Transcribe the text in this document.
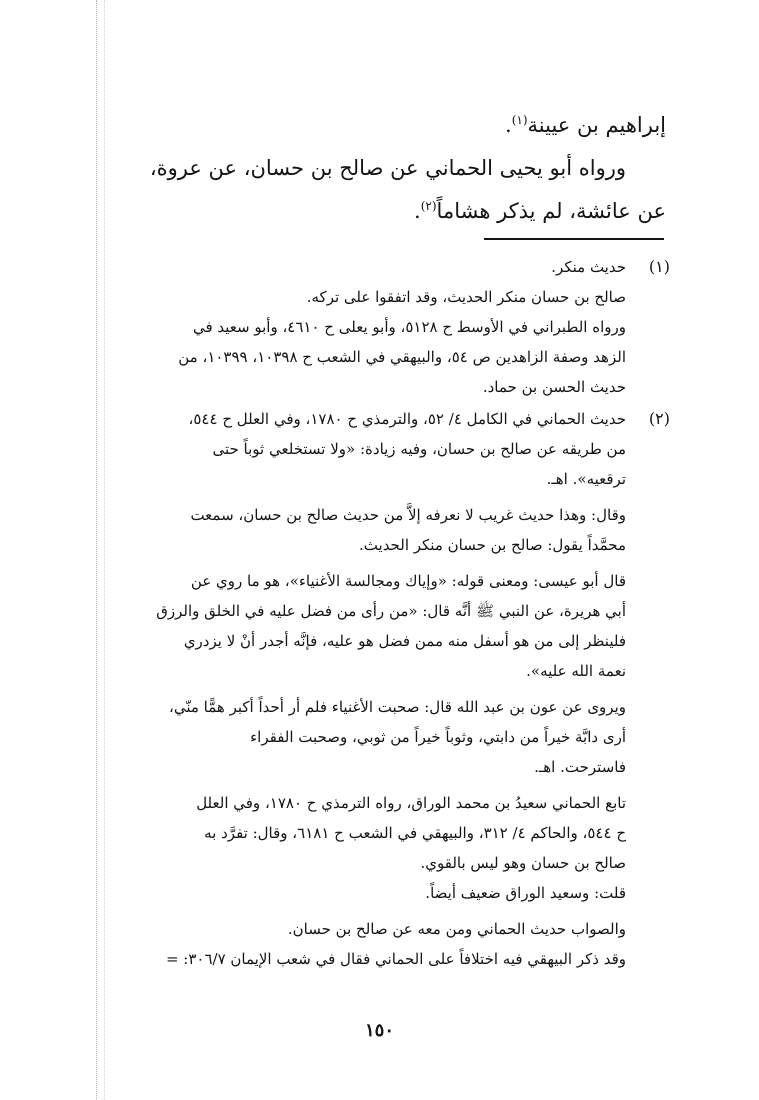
إبراهيم بن عيينة$^{(١)}$.

ورواه أبو يحيى الحماني عن صالح بن حسان، عن عروة،

عن عائشة، لم يذكر هشاماً$^{(٢)}$.

(١)

حديث منكر.

صالح بن حسان منكر الحديث، وقد اتفقوا على تركه.

ورواه الطبراني في الأوسط ح ٥١٢٨، وأبو يعلى ح ٤٦١٠، وأبو سعيد في

الزهد وصفة الزاهدين ص ٥٤، والبيهقي في الشعب ح ١٠٣٩٨، ١٠٣٩٩، من

حديث الحسن بن حماد.

(٢)

حديث الحماني في الكامل ٤/ ٥٢، والترمذي ح ١٧٨٠، وفي العلل ح ٥٤٤،

من طريقه عن صالح بن حسان، وفيه زيادة: «ولا تستخلعي ثوباً حتى

ترقعيه». اهـ.

وقال: وهذا حديث غريب لا نعرفه إلاَّ من حديث صالح بن حسان، سمعت

محمَّداً يقول: صالح بن حسان منكر الحديث.

قال أبو عيسى: ومعنى قوله: «وإياك ومجالسة الأغنياء»، هو ما روي عن

أبي هريرة، عن النبي ﷺ أنَّه قال: «من رأى من فضل عليه في الخلق والرزق

فلينظر إلى من هو أسفل منه ممن فضل هو عليه، فإنَّه أجدر أنْ لا يزدري

نعمة الله عليه».

ويروى عن عون بن عبد الله قال: صحبت الأغنياء فلم أر أحداً أكبر همًّا منّي،

أرى دابَّة خيراً من دابتي، وثوباً خيراً من ثوبي، وصحبت الفقراء

فاسترحت. اهـ.

تابع الحماني سعيدُ بن محمد الوراق، رواه الترمذي ح ١٧٨٠، وفي العلل

ح ٥٤٤، والحاكم ٤/ ٣١٢، والبيهقي في الشعب ح ٦١٨١، وقال: تفرَّد به

صالح بن حسان وهو ليس بالقوي.

قلت: وسعيد الوراق ضعيف أيضاً.

والصواب حديث الحماني ومن معه عن صالح بن حسان.

وقد ذكر البيهقي فيه اختلافاً على الحماني فقال في شعب الإيمان ٣٠٦/٧: =

١٥٠
